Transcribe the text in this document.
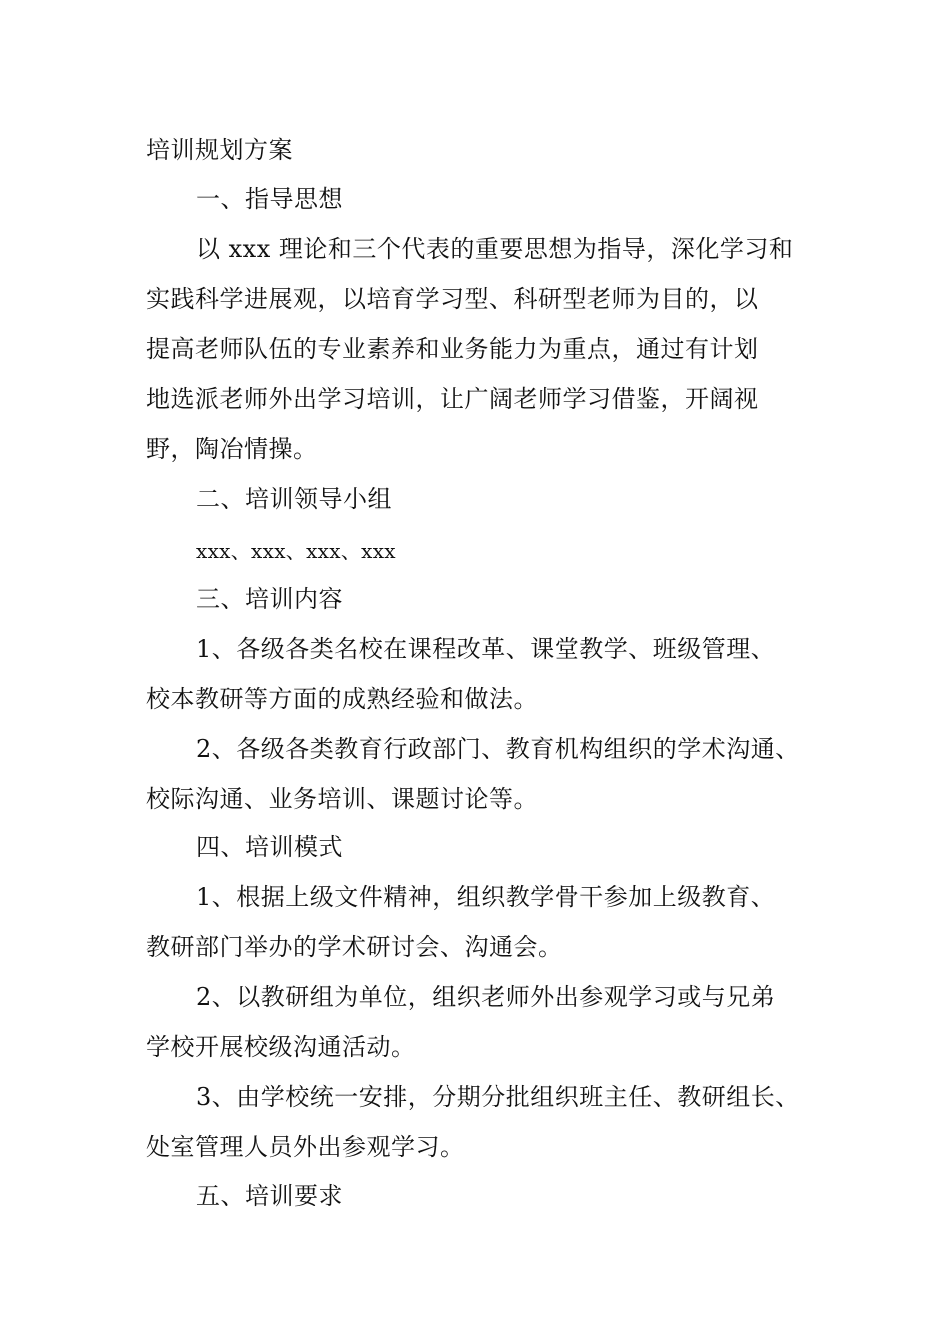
培训规划方案
一、指导思想
以 xxx 理论和三个代表的重要思想为指导，深化学习和
实践科学进展观，以培育学习型、科研型老师为目的，以
提高老师队伍的专业素养和业务能力为重点，通过有计划
地选派老师外出学习培训，让广阔老师学习借鉴，开阔视
野，陶冶情操。
二、培训领导小组
xxx、xxx、xxx、xxx
三、培训内容
1、各级各类名校在课程改革、课堂教学、班级管理、
校本教研等方面的成熟经验和做法。
2、各级各类教育行政部门、教育机构组织的学术沟通、
校际沟通、业务培训、课题讨论等。
四、培训模式
1、根据上级文件精神，组织教学骨干参加上级教育、
教研部门举办的学术研讨会、沟通会。
2、以教研组为单位，组织老师外出参观学习或与兄弟
学校开展校级沟通活动。
3、由学校统一安排，分期分批组织班主任、教研组长、
处室管理人员外出参观学习。
五、培训要求
